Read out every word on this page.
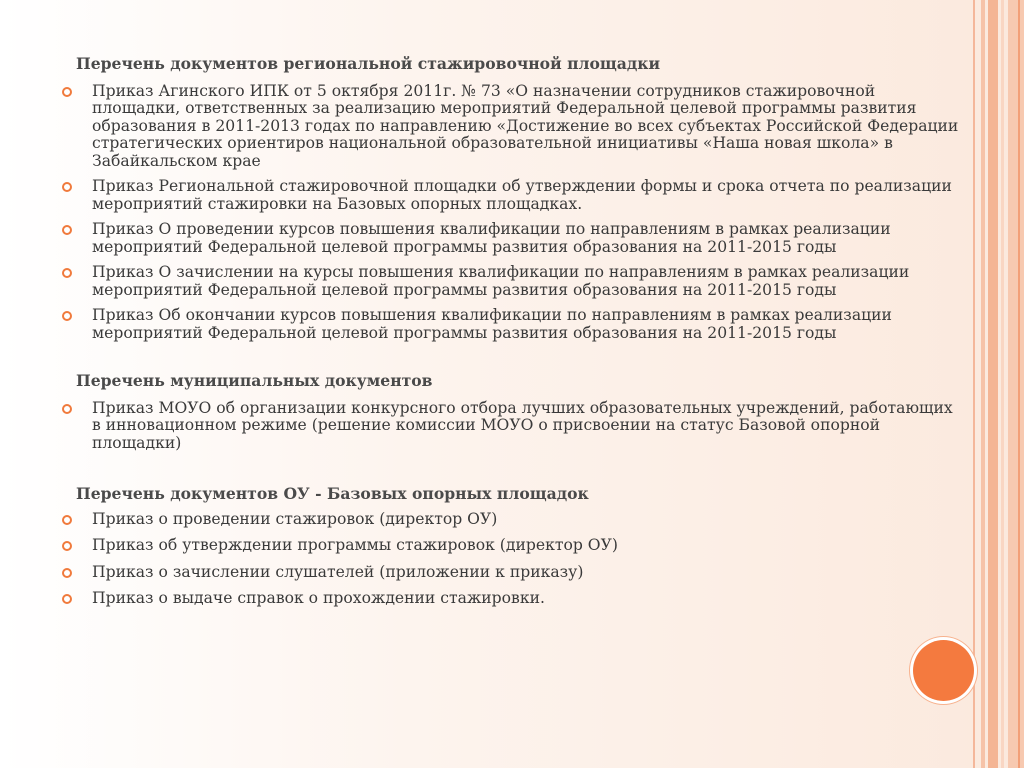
Перечень документов региональной стажировочной площадки

Приказ Агинского ИПК от 5 октября 2011г. № 73 «О назначении сотрудников стажировочной площадки, ответственных за реализацию мероприятий Федеральной целевой программы развития образования в 2011-2013 годах по направлению «Достижение во всех субъектах Российской Федерации стратегических ориентиров национальной образовательной инициативы «Наша новая школа» в Забайкальском крае
Приказ Региональной стажировочной площадки об утверждении формы и срока отчета по реализации мероприятий стажировки на Базовых опорных площадках.
Приказ О проведении курсов повышения квалификации по направлениям в рамках реализации мероприятий Федеральной целевой программы развития образования на 2011-2015 годы
Приказ О зачислении на курсы повышения квалификации по направлениям в рамках реализации мероприятий Федеральной целевой программы развития образования на 2011-2015 годы
Приказ Об окончании курсов повышения квалификации по направлениям в рамках реализации мероприятий Федеральной целевой программы развития образования на 2011-2015 годы

Перечень муниципальных документов

Приказ МОУО об организации конкурсного отбора лучших образовательных учреждений, работающих в инновационном режиме (решение комиссии МОУО о присвоении на статус Базовой опорной площадки)

Перечень документов ОУ - Базовых опорных площадок

Приказ о проведении стажировок (директор ОУ)
Приказ об утверждении программы стажировок (директор ОУ)
Приказ о зачислении слушателей (приложении к приказу)
Приказ о выдаче справок о прохождении стажировки.
